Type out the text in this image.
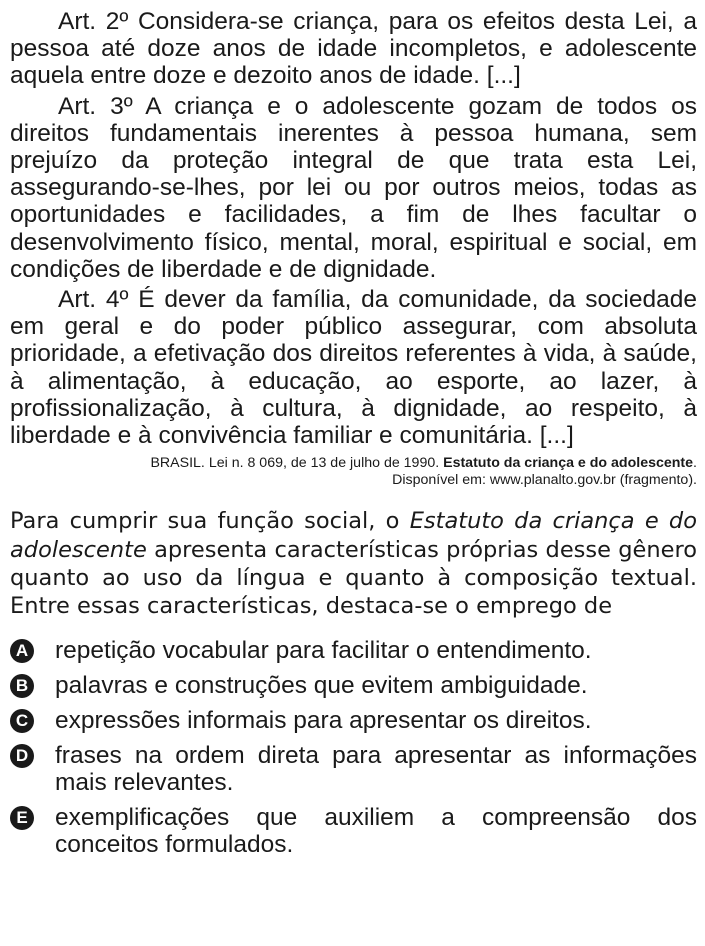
Art. 2º Considera-se criança, para os efeitos desta Lei, a pessoa até doze anos de idade incompletos, e adolescente aquela entre doze e dezoito anos de idade. [...]

Art. 3º A criança e o adolescente gozam de todos os direitos fundamentais inerentes à pessoa humana, sem prejuízo da proteção integral de que trata esta Lei, assegurando-se-lhes, por lei ou por outros meios, todas as oportunidades e facilidades, a fim de lhes facultar o desenvolvimento físico, mental, moral, espiritual e social, em condições de liberdade e de dignidade.

Art. 4º É dever da família, da comunidade, da sociedade em geral e do poder público assegurar, com absoluta prioridade, a efetivação dos direitos referentes à vida, à saúde, à alimentação, à educação, ao esporte, ao lazer, à profissionalização, à cultura, à dignidade, ao respeito, à liberdade e à convivência familiar e comunitária. [...]

BRASIL. Lei n. 8 069, de 13 de julho de 1990. Estatuto da criança e do adolescente.
Disponível em: www.planalto.gov.br (fragmento).
Para cumprir sua função social, o Estatuto da criança e do adolescente apresenta características próprias desse gênero quanto ao uso da língua e quanto à composição textual. Entre essas características, destaca-se o emprego de
A repetição vocabular para facilitar o entendimento.
B palavras e construções que evitem ambiguidade.
C expressões informais para apresentar os direitos.
D frases na ordem direta para apresentar as informações mais relevantes.
E exemplificações que auxiliem a compreensão dos conceitos formulados.
